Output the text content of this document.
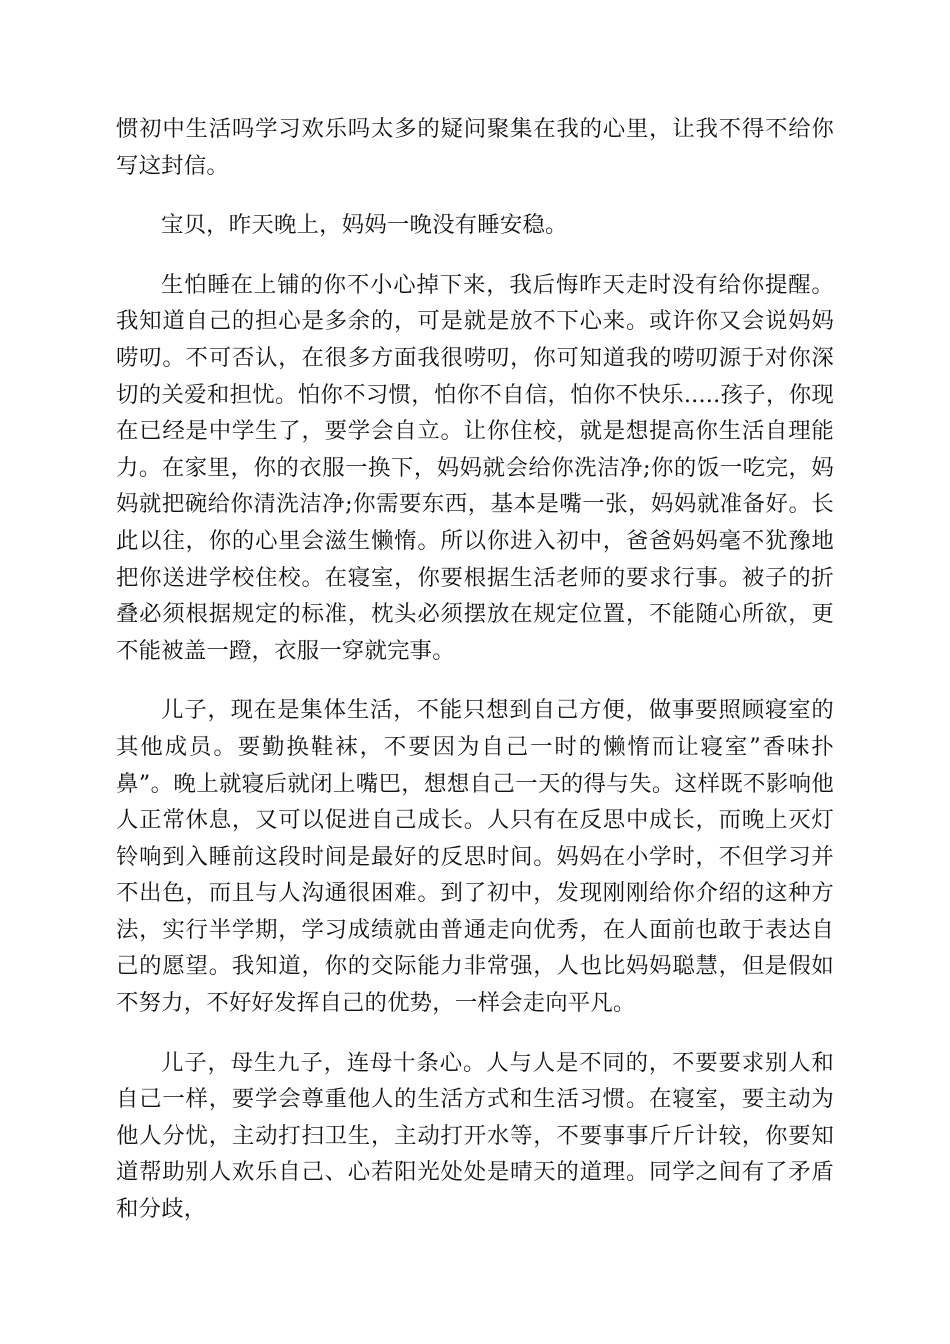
惯初中生活吗学习欢乐吗太多的疑问聚集在我的心里，让我不得不给你写这封信。

宝贝，昨天晚上，妈妈一晚没有睡安稳。

生怕睡在上铺的你不小心掉下来，我后悔昨天走时没有给你提醒。我知道自己的担心是多余的，可是就是放不下心来。或许你又会说妈妈唠叨。不可否认，在很多方面我很唠叨，你可知道我的唠叨源于对你深切的关爱和担忧。怕你不习惯，怕你不自信，怕你不快乐.....孩子，你现在已经是中学生了，要学会自立。让你住校，就是想提高你生活自理能力。在家里，你的衣服一换下，妈妈就会给你洗洁净;你的饭一吃完，妈妈就把碗给你清洗洁净;你需要东西，基本是嘴一张，妈妈就准备好。长此以往，你的心里会滋生懒惰。所以你进入初中，爸爸妈妈毫不犹豫地把你送进学校住校。在寝室，你要根据生活老师的要求行事。被子的折叠必须根据规定的标准，枕头必须摆放在规定位置，不能随心所欲，更不能被盖一蹬，衣服一穿就完事。

儿子，现在是集体生活，不能只想到自己方便，做事要照顾寝室的其他成员。要勤换鞋袜，不要因为自己一时的懒惰而让寝室”香味扑鼻”。晚上就寝后就闭上嘴巴，想想自己一天的得与失。这样既不影响他人正常休息，又可以促进自己成长。人只有在反思中成长，而晚上灭灯铃响到入睡前这段时间是最好的反思时间。妈妈在小学时，不但学习并不出色，而且与人沟通很困难。到了初中，发现刚刚给你介绍的这种方法，实行半学期，学习成绩就由普通走向优秀，在人面前也敢于表达自己的愿望。我知道，你的交际能力非常强，人也比妈妈聪慧，但是假如不努力，不好好发挥自己的优势，一样会走向平凡。

儿子，母生九子，连母十条心。人与人是不同的，不要要求别人和自己一样，要学会尊重他人的生活方式和生活习惯。在寝室，要主动为他人分忧，主动打扫卫生，主动打开水等，不要事事斤斤计较，你要知道帮助别人欢乐自己、心若阳光处处是晴天的道理。同学之间有了矛盾和分歧，
